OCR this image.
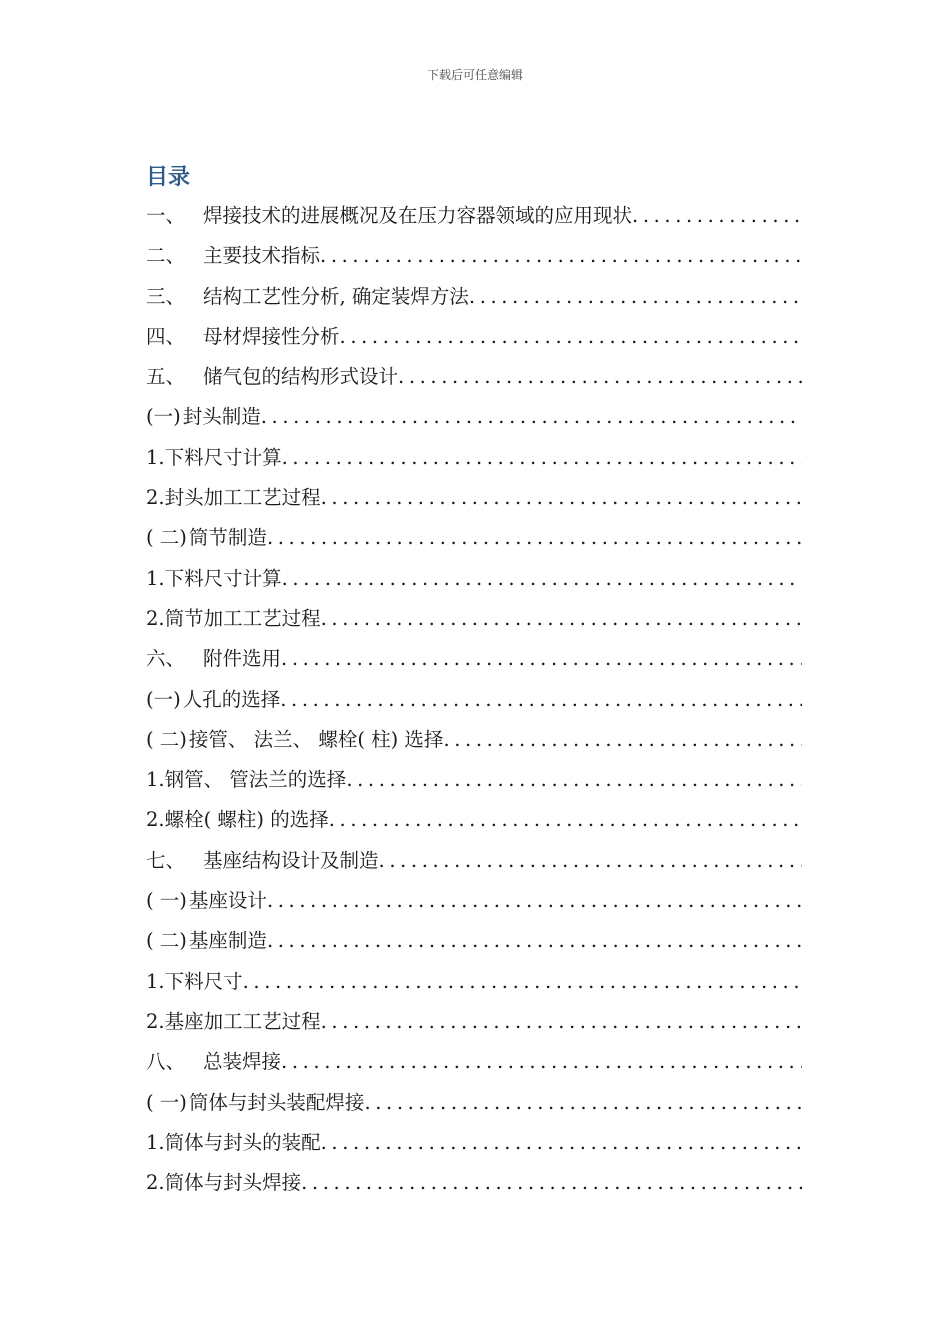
下载后可任意编辑
目录
一、 焊接技术的进展概况及在压力容器领域的应用现状
.....
二、 主要技术指标
.....
三、 结构工艺性分析, 确定装焊方法
.....
四、 母材焊接性分析
.....
五、 储气包的结构形式设计
.....
(一) 封头制造
.....
1. 下料尺寸计算
.....
2. 封头加工工艺过程
.....
( 二) 筒节制造
.....
1. 下料尺寸计算
.....
2. 筒节加工工艺过程
.....
六、 附件选用
.....
(一) 人孔的选择
.....
( 二) 接管、 法兰、 螺栓( 柱) 选择
.....
1. 钢管、 管法兰的选择
.....
2. 螺栓( 螺柱) 的选择
.....
七、 基座结构设计及制造
.....
( 一) 基座设计
.....
( 二) 基座制造
.....
1. 下料尺寸
.....
2. 基座加工工艺过程
.....
八、 总装焊接
.....
( 一) 筒体与封头装配焊接
.....
1. 筒体与封头的装配
.....
2. 筒体与封头焊接
.....
